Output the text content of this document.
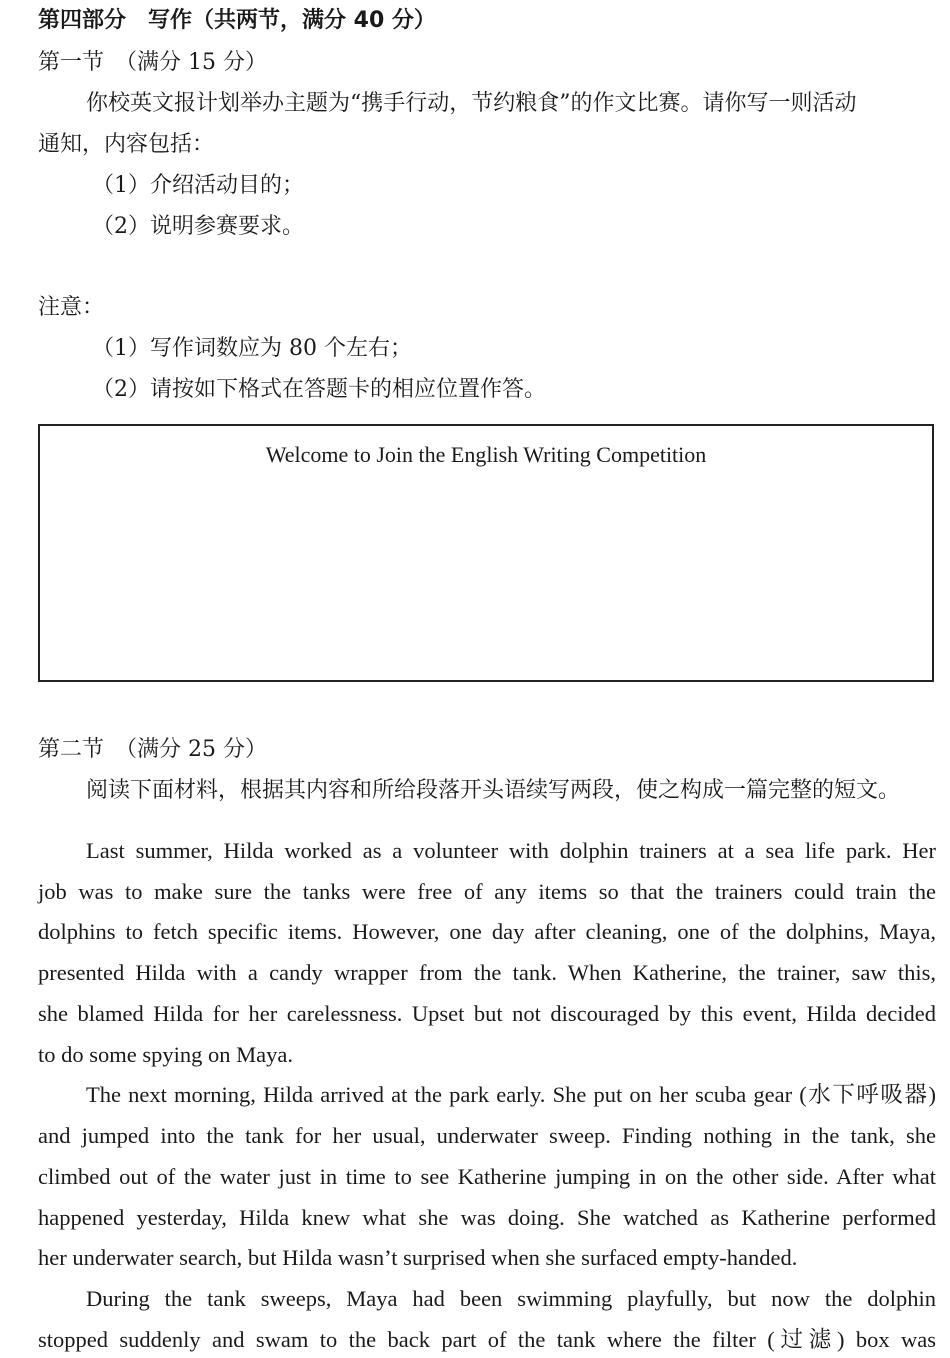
第四部分　写作（共两节，满分 40 分）
第一节　（满分 15 分）
你校英文报计划举办主题为“携手行动，节约粮食”的作文比赛。请你写一则活动
通知，内容包括：
（1）介绍活动目的；
（2）说明参赛要求。
注意：
（1）写作词数应为 80 个左右；
（2）请按如下格式在答题卡的相应位置作答。
Welcome to Join the English Writing Competition
第二节　（满分 25 分）
阅读下面材料，根据其内容和所给段落开头语续写两段，使之构成一篇完整的短文。
Last summer, Hilda worked as a volunteer with dolphin trainers at a sea life park. Her
job was to make sure the tanks were free of any items so that the trainers could train the
dolphins to fetch specific items. However, one day after cleaning, one of the dolphins, Maya,
presented Hilda with a candy wrapper from the tank. When Katherine, the trainer, saw this,
she blamed Hilda for her carelessness. Upset but not discouraged by this event, Hilda decided
to do some spying on Maya.
The next morning, Hilda arrived at the park early. She put on her scuba gear (水下呼吸器)
and jumped into the tank for her usual, underwater sweep. Finding nothing in the tank, she
climbed out of the water just in time to see Katherine jumping in on the other side. After what
happened yesterday, Hilda knew what she was doing. She watched as Katherine performed
her underwater search, but Hilda wasn’t surprised when she surfaced empty-handed.
During the tank sweeps, Maya had been swimming playfully, but now the dolphin
stopped suddenly and swam to the back part of the tank where the filter (过滤) box was
